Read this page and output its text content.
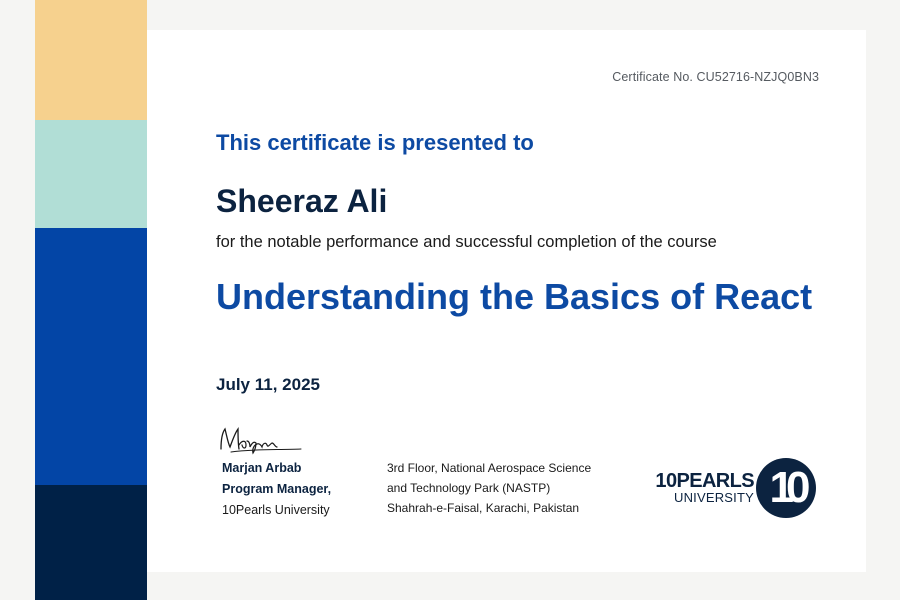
Certificate No. CU52716-NZJQ0BN3
This certificate is presented to
Sheeraz Ali
for the notable performance and successful completion of the course
Understanding the Basics of React
July 11, 2025
Marjan Arbab
Program Manager,
10Pearls University
3rd Floor, National Aerospace Science
and Technology Park (NASTP)
Shahrah-e-Faisal, Karachi, Pakistan
10PEARLS
UNIVERSITY 10
